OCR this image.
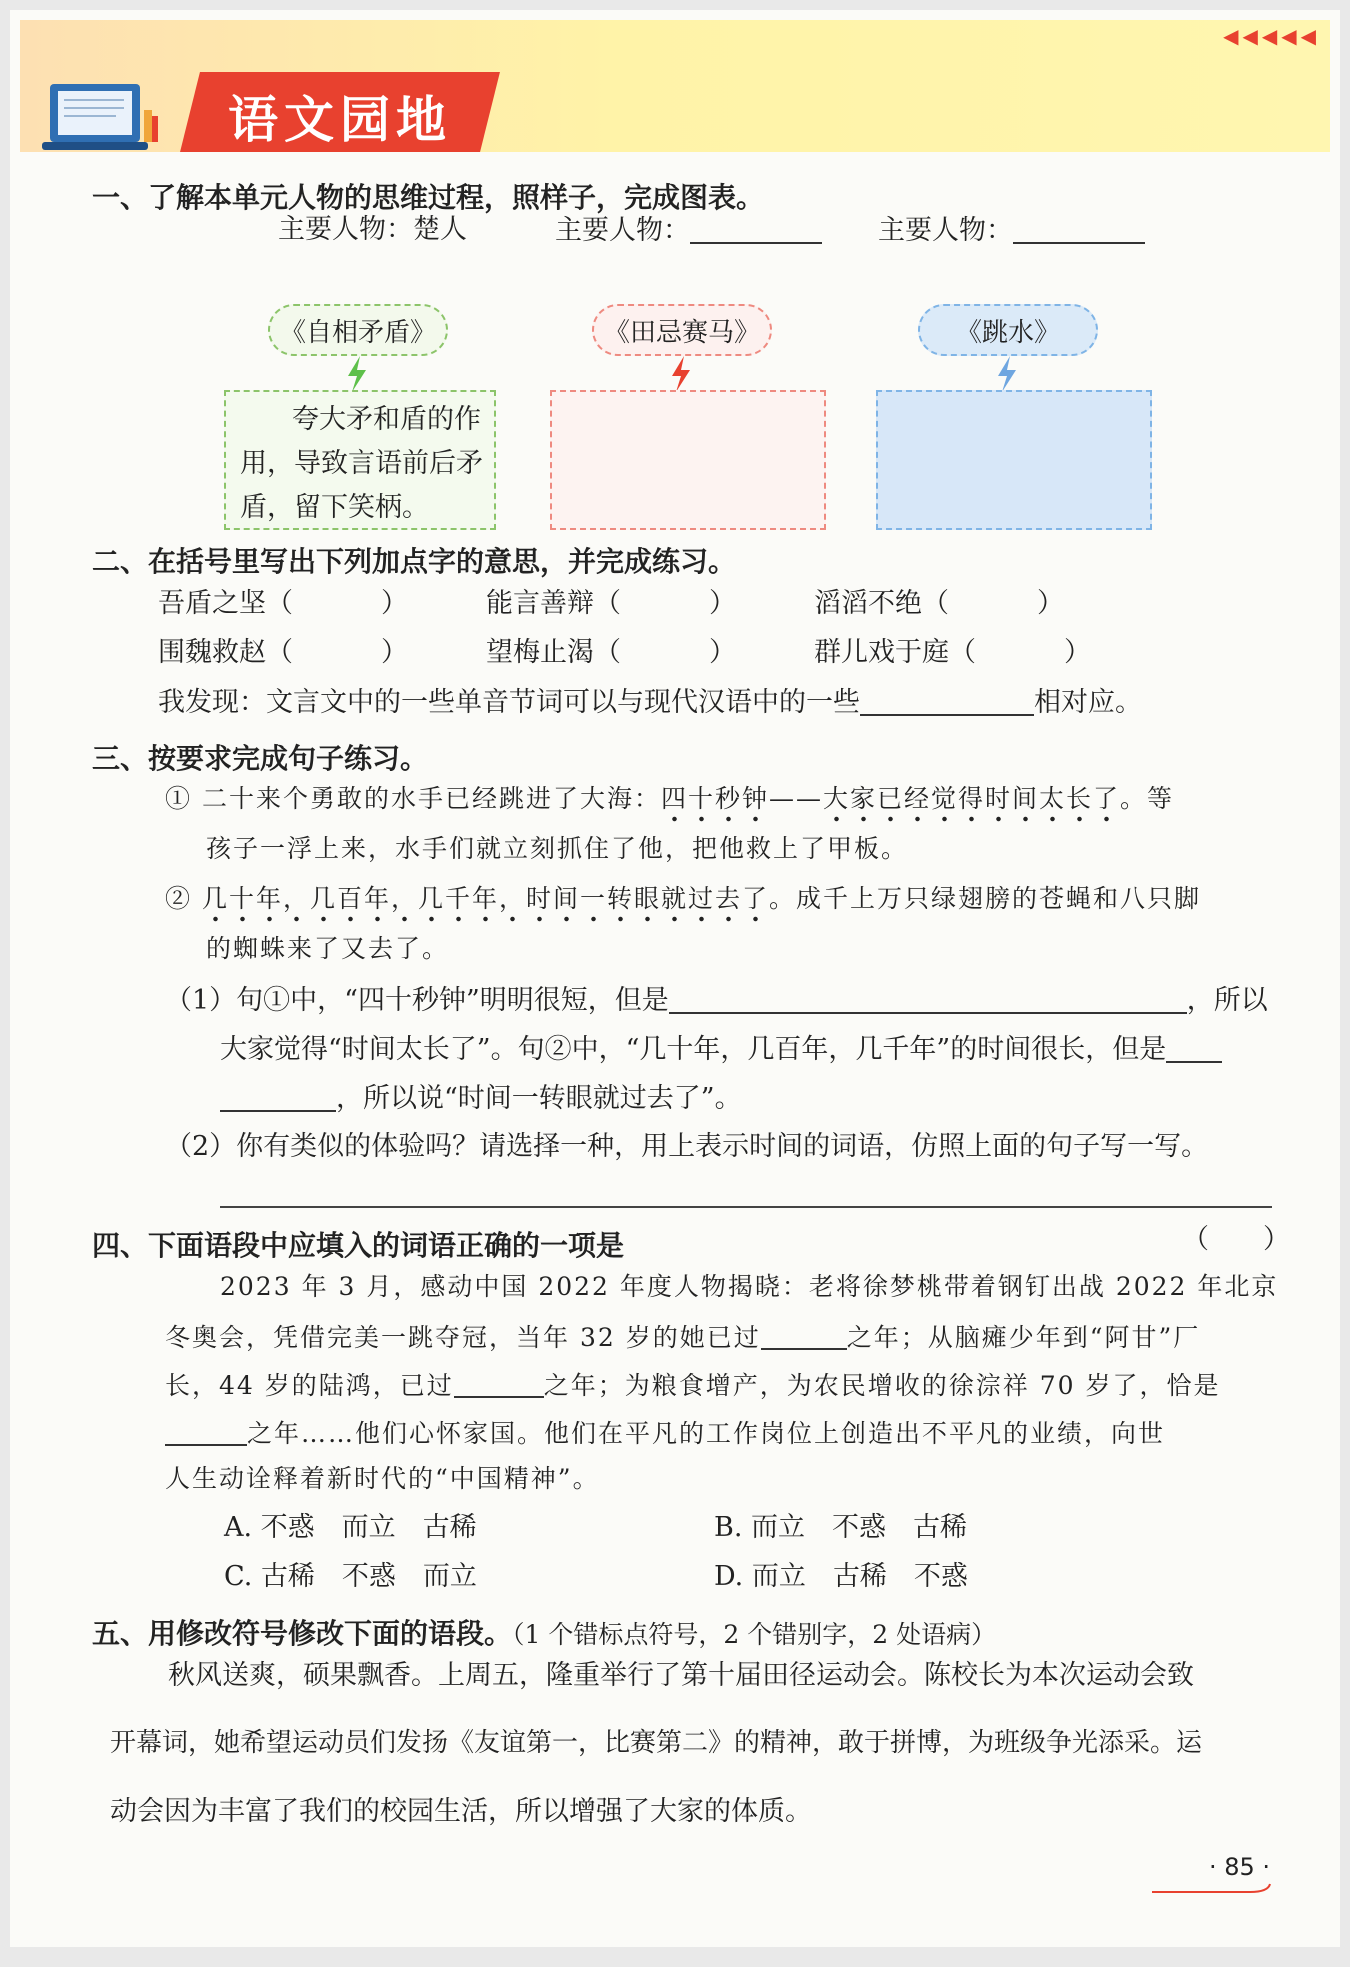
语文园地
◀◀◀◀◀
一、了解本单元人物的思维过程，照样子，完成图表。
主要人物：楚人	主要人物：	主要人物：
《自相矛盾》	《田忌赛马》	《跳水》
夸大矛和盾的作
用，导致言语前后矛
盾，留下笑柄。
二、在括号里写出下列加点字的意思，并完成练习。
吾盾之坚（	）	能言善辩（	）	滔滔不绝（	）
围魏救赵（	）	望梅止渴（	）	群儿戏于庭（	）
我发现：文言文中的一些单音节词可以与现代汉语中的一些	相对应。
三、按要求完成句子练习。
① 二十来个勇敢的水手已经跳进了大海：四十秒钟——大家已经觉得时间太长了。等
孩子一浮上来，水手们就立刻抓住了他，把他救上了甲板。
② 几十年，几百年，几千年，时间一转眼就过去了。成千上万只绿翅膀的苍蝇和八只脚
的蜘蛛来了又去了。
（1）句①中，“四十秒钟”明明很短，但是	，所以
大家觉得“时间太长了”。句②中，“几十年，几百年，几千年”的时间很长，但是
，所以说“时间一转眼就过去了”。
（2）你有类似的体验吗？请选择一种，用上表示时间的词语，仿照上面的句子写一写。
四、下面语段中应填入的词语正确的一项是	（　　）
2023 年 3 月，感动中国 2022 年度人物揭晓：老将徐梦桃带着钢钉出战 2022 年北京
冬奥会，凭借完美一跳夺冠，当年 32 岁的她已过	之年；从脑瘫少年到“阿甘”厂
长，44 岁的陆鸿，已过	之年；为粮食增产，为农民增收的徐淙祥 70 岁了，恰是
之年……他们心怀家国。他们在平凡的工作岗位上创造出不平凡的业绩，向世
人生动诠释着新时代的“中国精神”。
A. 不惑　而立　古稀	B. 而立　不惑　古稀
C. 古稀　不惑　而立	D. 而立　古稀　不惑
五、用修改符号修改下面的语段。（1 个错标点符号，2 个错别字，2 处语病）
秋风送爽，硕果飘香。上周五，隆重举行了第十届田径运动会。陈校长为本次运动会致
开幕词，她希望运动员们发扬《友谊第一，比赛第二》的精神，敢于拼博，为班级争光添采。运
动会因为丰富了我们的校园生活，所以增强了大家的体质。
· 85 ·
